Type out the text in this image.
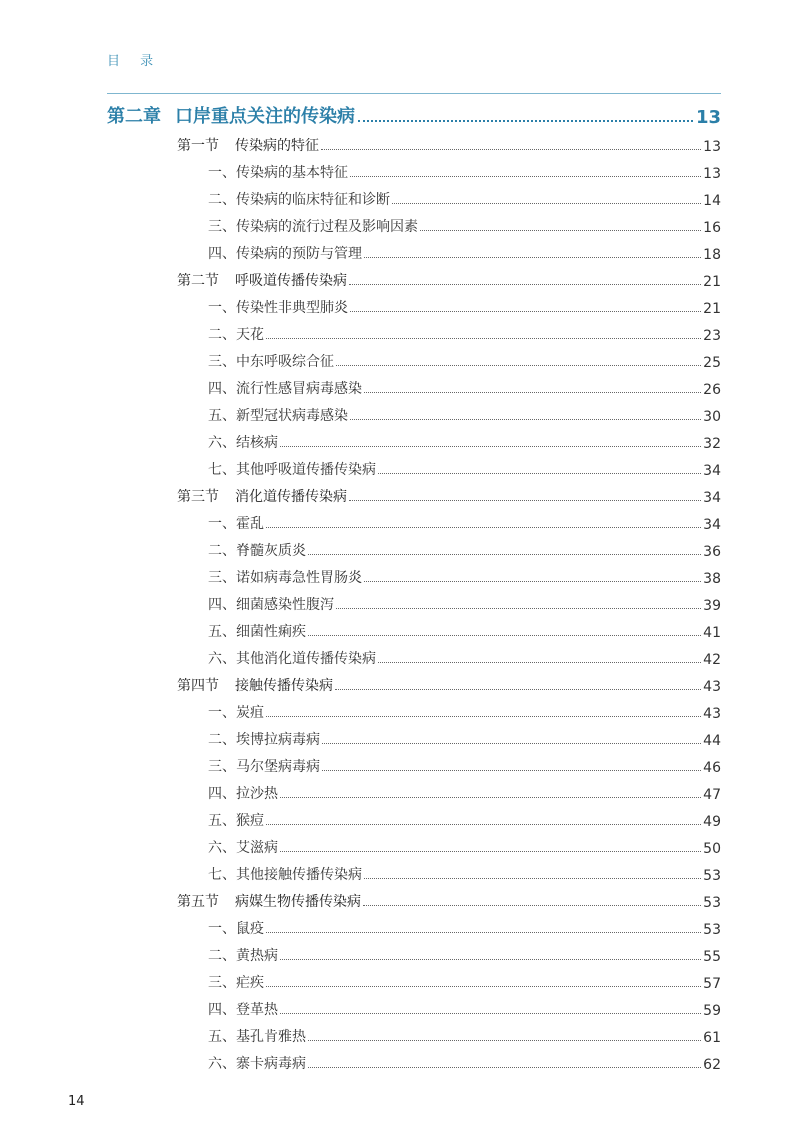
目 录
第二章 口岸重点关注的传染病	13
第一节 传染病的特征	13
一、传染病的基本特征	13
二、传染病的临床特征和诊断	14
三、传染病的流行过程及影响因素	16
四、传染病的预防与管理	18
第二节 呼吸道传播传染病	21
一、传染性非典型肺炎	21
二、天花	23
三、中东呼吸综合征	25
四、流行性感冒病毒感染	26
五、新型冠状病毒感染	30
六、结核病	32
七、其他呼吸道传播传染病	34
第三节 消化道传播传染病	34
一、霍乱	34
二、脊髓灰质炎	36
三、诺如病毒急性胃肠炎	38
四、细菌感染性腹泻	39
五、细菌性痢疾	41
六、其他消化道传播传染病	42
第四节 接触传播传染病	43
一、炭疽	43
二、埃博拉病毒病	44
三、马尔堡病毒病	46
四、拉沙热	47
五、猴痘	49
六、艾滋病	50
七、其他接触传播传染病	53
第五节 病媒生物传播传染病	53
一、鼠疫	53
二、黄热病	55
三、疟疾	57
四、登革热	59
五、基孔肯雅热	61
六、寨卡病毒病	62
14
